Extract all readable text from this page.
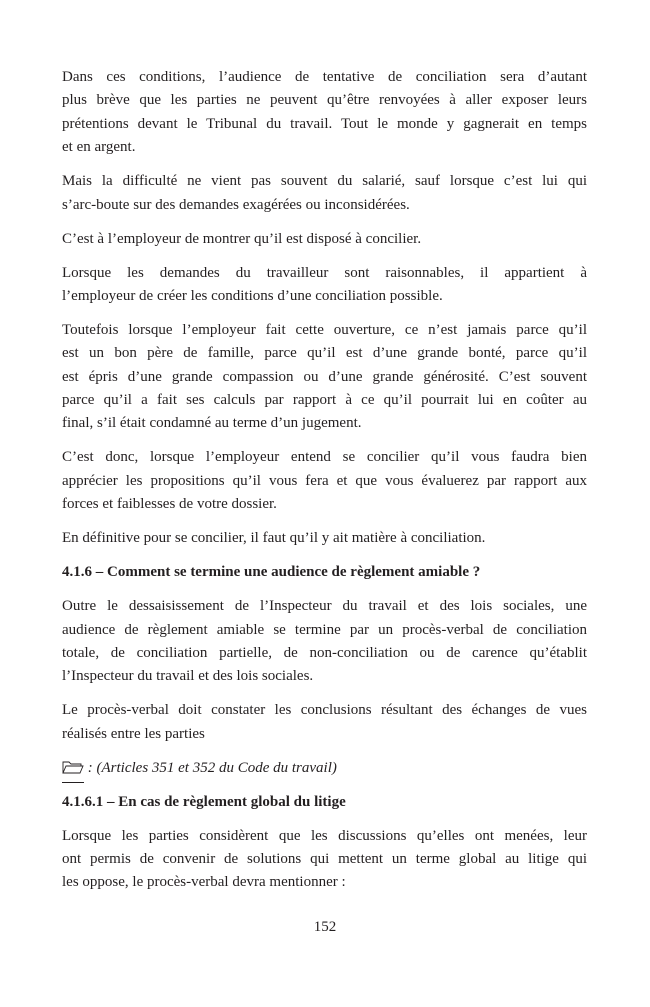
Dans ces conditions, l’audience de tentative de conciliation sera d’autant
plus brève que les parties ne peuvent qu’être renvoyées à aller exposer leurs
prétentions devant le Tribunal du travail. Tout le monde y gagnerait en temps
et en argent.
Mais la difficulté ne vient pas souvent du salarié, sauf lorsque c’est lui qui
s’arc-boute sur des demandes exagérées ou inconsidérées.
C’est à l’employeur de montrer qu’il est disposé à concilier.
Lorsque les demandes du travailleur sont raisonnables, il appartient à
l’employeur de créer les conditions d’une conciliation possible.
Toutefois lorsque l’employeur fait cette ouverture, ce n’est jamais parce qu’il
est un bon père de famille, parce qu’il est d’une grande bonté, parce qu’il
est épris d’une grande compassion ou d’une grande générosité. C’est souvent
parce qu’il a fait ses calculs par rapport à ce qu’il pourrait lui en coûter au
final, s’il était condamné au terme d’un jugement.
C’est donc, lorsque l’employeur entend se concilier qu’il vous faudra bien
apprécier les propositions qu’il vous fera et que vous évaluerez par rapport aux
forces et faiblesses de votre dossier.
En définitive pour se concilier, il faut qu’il y ait matière à conciliation.
4.1.6 – Comment se termine une audience de règlement amiable ?
Outre le dessaisissement de l’Inspecteur du travail et des lois sociales, une
audience de règlement amiable se termine par un procès-verbal de conciliation
totale, de conciliation partielle, de non-conciliation ou de carence qu’établit
l’Inspecteur du travail et des lois sociales.
Le procès-verbal doit constater les conclusions résultant des échanges de vues
réalisés entre les parties
: (Articles 351 et 352 du Code du travail)
4.1.6.1 – En cas de règlement global du litige
Lorsque les parties considèrent que les discussions qu’elles ont menées, leur
ont permis de convenir de solutions qui mettent un terme global au litige qui
les oppose, le procès-verbal devra mentionner :
152
